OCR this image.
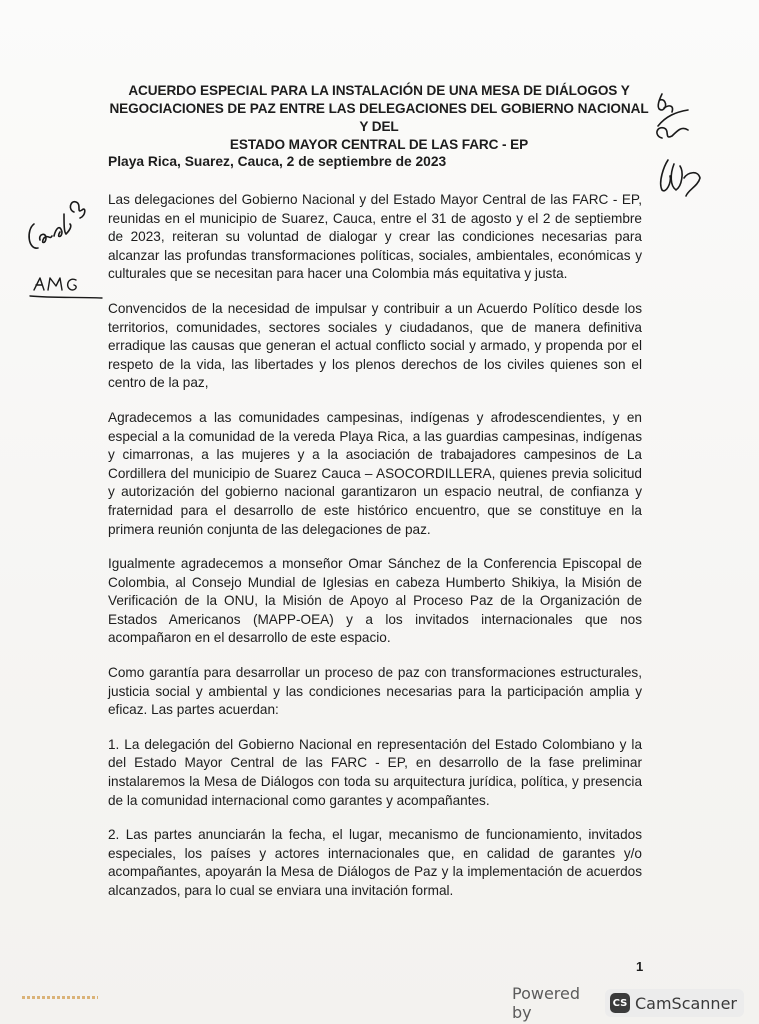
ACUERDO ESPECIAL PARA LA INSTALACIÓN DE UNA MESA DE DIÁLOGOS Y
NEGOCIACIONES DE PAZ ENTRE LAS DELEGACIONES DEL GOBIERNO NACIONAL Y DEL
ESTADO MAYOR CENTRAL DE LAS FARC - EP
Playa Rica, Suarez, Cauca, 2 de septiembre de 2023

Las delegaciones del Gobierno Nacional y del Estado Mayor Central de las FARC - EP, reunidas en el municipio de Suarez, Cauca, entre el 31 de agosto y el 2 de septiembre de 2023, reiteran su voluntad de dialogar y crear las condiciones necesarias para alcanzar las profundas transformaciones políticas, sociales, ambientales, económicas y culturales que se necesitan para hacer una Colombia más equitativa y justa.

Convencidos de la necesidad de impulsar y contribuir a un Acuerdo Político desde los territorios, comunidades, sectores sociales y ciudadanos, que de manera definitiva erradique las causas que generan el actual conflicto social y armado, y propenda por el respeto de la vida, las libertades y los plenos derechos de los civiles quienes son el centro de la paz,

Agradecemos a las comunidades campesinas, indígenas y afrodescendientes, y en especial a la comunidad de la vereda Playa Rica, a las guardias campesinas, indígenas y cimarronas, a las mujeres y a la asociación de trabajadores campesinos de La Cordillera del municipio de Suarez Cauca – ASOCORDILLERA, quienes previa solicitud y autorización del gobierno nacional garantizaron un espacio neutral, de confianza y fraternidad para el desarrollo de este histórico encuentro, que se constituye en la primera reunión conjunta de las delegaciones de paz.

Igualmente agradecemos a monseñor Omar Sánchez de la Conferencia Episcopal de Colombia, al Consejo Mundial de Iglesias en cabeza Humberto Shikiya, la Misión de Verificación de la ONU, la Misión de Apoyo al Proceso Paz de la Organización de Estados Americanos (MAPP-OEA) y a los invitados internacionales que nos acompañaron en el desarrollo de este espacio.

Como garantía para desarrollar un proceso de paz con transformaciones estructurales, justicia social y ambiental y las condiciones necesarias para la participación amplia y eficaz. Las partes acuerdan:

1. La delegación del Gobierno Nacional en representación del Estado Colombiano y la del Estado Mayor Central de las FARC - EP, en desarrollo de la fase preliminar instalaremos la Mesa de Diálogos con toda su arquitectura jurídica, política, y presencia de la comunidad internacional como garantes y acompañantes.

2. Las partes anunciarán la fecha, el lugar, mecanismo de funcionamiento, invitados especiales, los países y actores internacionales que, en calidad de garantes y/o acompañantes, apoyarán la Mesa de Diálogos de Paz y la implementación de acuerdos alcanzados, para lo cual se enviara una invitación formal.

1
Powered by	CS CamScanner
